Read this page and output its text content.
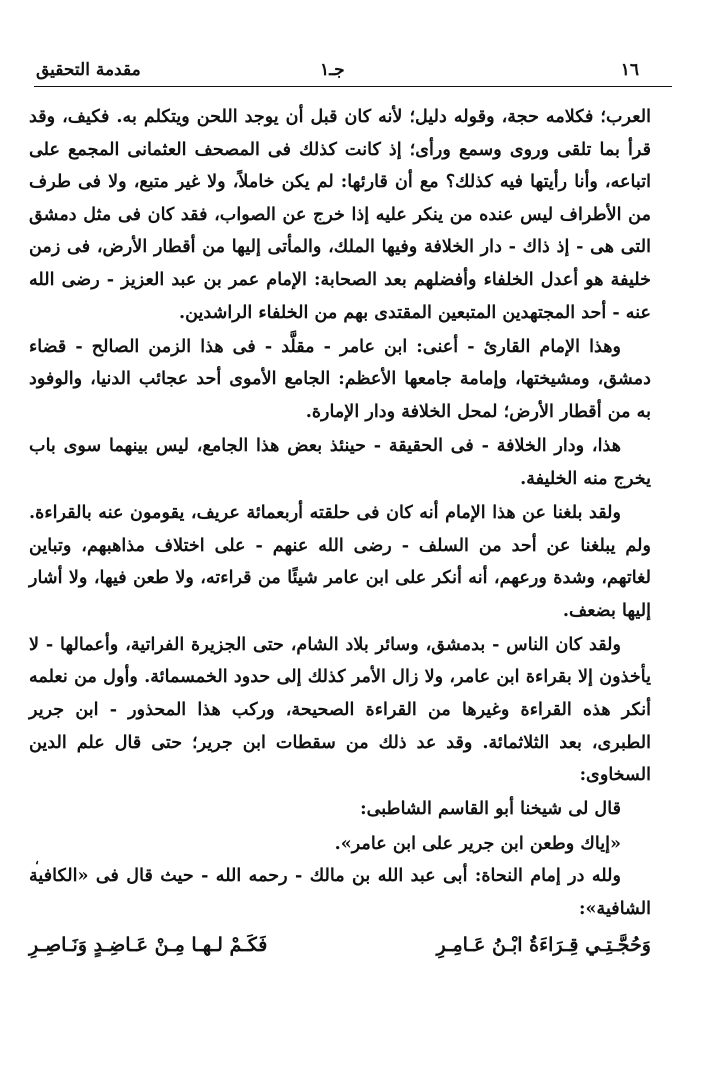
١٦
جـ١
مقدمة التحقيق

العرب؛ فكلامه حجة، وقوله دليل؛ لأنه كان قبل أن يوجد اللحن ويتكلم به. فكيف، وقد قرأ بما تلقى وروى وسمع ورأى؛ إذ كانت كذلك فى المصحف العثمانى المجمع على اتباعه، وأنا رأيتها فيه كذلك؟ مع أن قارئها: لم يكن خاملاً، ولا غير متبع، ولا فى طرف من الأطراف ليس عنده من ينكر عليه إذا خرج عن الصواب، فقد كان فى مثل دمشق التى هى - إذ ذاك - دار الخلافة وفيها الملك، والمأتى إليها من أقطار الأرض، فى زمن خليفة هو أعدل الخلفاء وأفضلهم بعد الصحابة: الإمام عمر بن عبد العزيز - رضى الله عنه - أحد المجتهدين المتبعين المقتدى بهم من الخلفاء الراشدين.

وهذا الإمام القارئ - أعنى: ابن عامر - مقلَّد - فى هذا الزمن الصالح - قضاء دمشق، ومشيختها، وإمامة جامعها الأعظم: الجامع الأموى أحد عجائب الدنيا، والوفود به من أقطار الأرض؛ لمحل الخلافة ودار الإمارة.

هذا، ودار الخلافة - فى الحقيقة - حينئذ بعض هذا الجامع، ليس بينهما سوى باب يخرج منه الخليفة.

ولقد بلغنا عن هذا الإمام أنه كان فى حلقته أربعمائة عريف، يقومون عنه بالقراءة. ولم يبلغنا عن أحد من السلف - رضى الله عنهم - على اختلاف مذاهبهم، وتباين لغاتهم، وشدة ورعهم، أنه أنكر على ابن عامر شيئًا من قراءته، ولا طعن فيها، ولا أشار إليها بضعف.

ولقد كان الناس - بدمشق، وسائر بلاد الشام، حتى الجزيرة الفراتية، وأعمالها - لا يأخذون إلا بقراءة ابن عامر، ولا زال الأمر كذلك إلى حدود الخمسمائة. وأول من نعلمه أنكر هذه القراءة وغيرها من القراءة الصحيحة، وركب هذا المحذور - ابن جرير الطبرى، بعد الثلاثمائة. وقد عد ذلك من سقطات ابن جرير؛ حتى قال علم الدين السخاوى:

قال لى شيخنا أبو القاسم الشاطبى:

«إياك وطعن ابن جرير على ابن عامر».
،

ولله در إمام النحاة: أبى عبد الله بن مالك - رحمه الله - حيث قال فى «الكافية الشافية»:

وَحُجَّـتِـي قِـرَاءَةُ ابْـنُ عَـامِـرِ
فَكَـمْ لـهـا مِـنْ عَـاضِـدٍ وَنَـاصِـرِ
